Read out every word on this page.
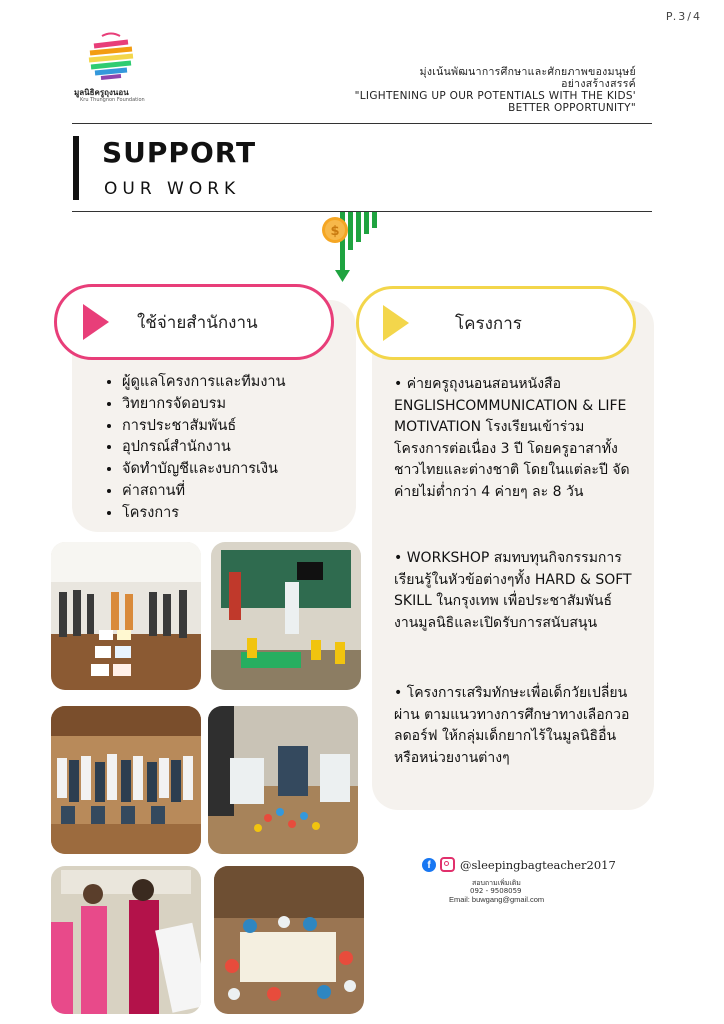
P.3/4
มูลนิธิครูถุงนอน
Kru Thungnon Foundation
มุ่งเน้นพัฒนาการศึกษาและศักยภาพของมนุษย์
อย่างสร้างสรรค์
"LIGHTENING UP OUR POTENTIALS WITH THE KIDS'
BETTER OPPORTUNITY"
SUPPORT
OUR WORK
$
ใช้จ่ายสำนักงาน
• ผู้ดูแลโครงการและทีมงาน
• วิทยากรจัดอบรม
• การประชาสัมพันธ์
• อุปกรณ์สำนักงาน
• จัดทำบัญชีและงบการเงิน
• ค่าสถานที่
• โครงการ
โครงการ
• ค่ายครูถุงนอนสอนหนังสือ ENGLISHCOMMUNICATION & LIFE MOTIVATION โรงเรียนเข้าร่วมโครงการต่อเนื่อง 3 ปี โดยครูอาสาทั้งชาวไทยและต่างชาติ โดยในแต่ละปี จัดค่ายไม่ต่ำกว่า 4 ค่ายๆ ละ 8 วัน
• WORKSHOP สมทบทุนกิจกรรมการเรียนรู้ในหัวข้อต่างๆทั้ง HARD & SOFT SKILL ในกรุงเทพ เพื่อประชาสัมพันธ์งานมูลนิธิและเปิดรับการสนับสนุน
• โครงการเสริมทักษะเพื่อเด็กวัยเปลี่ยนผ่าน ตามแนวทางการศึกษาทางเลือกวอลดอร์ฟ ให้กลุ่มเด็กยากไร้ในมูลนิธิอื่นหรือหน่วยงานต่างๆ
f	@sleepingbagteacher2017
สอบถามเพิ่มเติม
092 - 9508059
Email: buwgang@gmail.com
